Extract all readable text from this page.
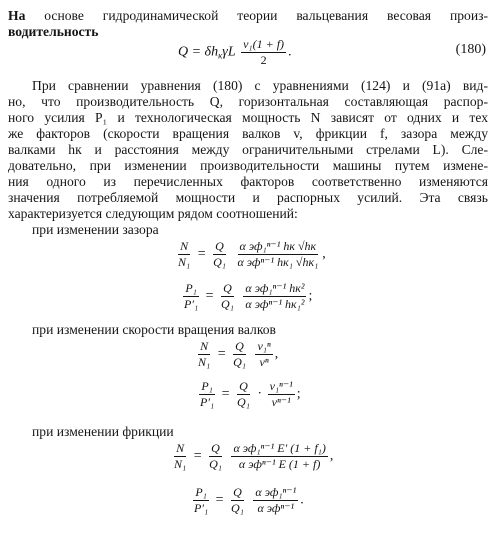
На основе гидродинамической теории вальцевания весовая произ-
водительность
$Q = \delta h_к\gamma L \frac{\text{v₁(1 + f)}}{2}$ .	(180)
При сравнении уравнения (180) с уравнениями (124) и (91а) вид-
но, что производительность Q, горизонтальная составляющая распор-
ного усилия P₁ и технологическая мощность N зависят от одних и тех
же факторов (скорости вращения валков v, фрикции f, зазора между
валками hк и расстояния между ограничительными стрелами L). Сле-
довательно, при изменении производительности машины путем измене-
ния одного из перечисленных факторов соответственно изменяются
значения потребляемой мощности и распорных усилий. Эта связь
характеризуется следующим рядом соотношений:
при изменении зазора
$\frac{N}{\text{N₁}} = \frac{Q}{\text{Q₁}}$
$\frac{\text{α эф₁ⁿ⁻¹ hк √hк}}{\text{α эфⁿ⁻¹ hк₁ √hк₁}}$ ,
$\frac{\text{P₁}}{\text{P′₁}} = \frac{Q}{\text{Q₁}}$
$\frac{\text{α эф₁ⁿ⁻¹ hк²}}{\text{α эфⁿ⁻¹ hк₁²}}$ ;
при изменении скорости вращения валков
$\frac{N}{\text{N₁}} = \frac{Q}{\text{Q₁}}$
$\frac{\text{v₁ⁿ}}{\text{vⁿ}}$ ,
$\frac{\text{P₁}}{\text{P′₁}} = \frac{Q}{\text{Q₁}} \cdot \frac{\text{v₁ⁿ⁻¹}}{\text{vⁿ⁻¹}}$ ;
при изменении фрикции
$\frac{N}{\text{N₁}} = \frac{Q}{\text{Q₁}}$
$\frac{\text{α эф₁ⁿ⁻¹ E′ (1 + f₁)}}{\text{α эфⁿ⁻¹ E (1 + f)}}$ ,
$\frac{\text{P₁}}{\text{P′₁}} = \frac{Q}{\text{Q₁}}$
$\frac{\text{α эф₁ⁿ⁻¹}}{\text{α эфⁿ⁻¹}}$ .
